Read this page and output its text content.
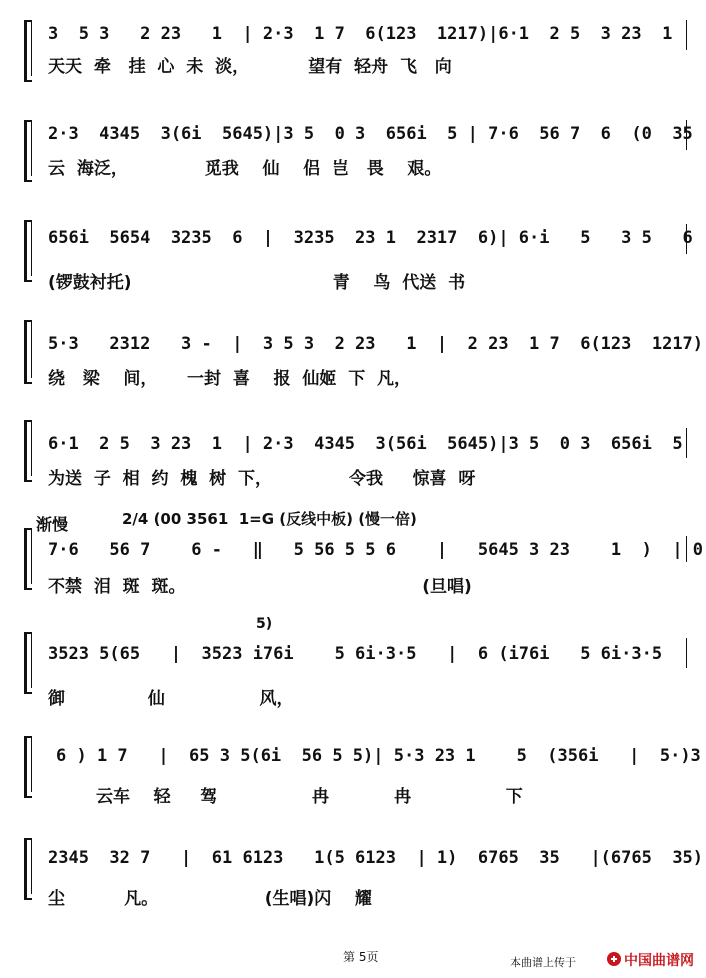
3  5 3   2 23   1  | 2·3  1 7  6(123  1217)|6·1  2 5  3 23  1
天天  牵   挂  心  未  淡，          望有  轻舟  飞   向
2·3  4345  3(6i  5645)|3 5  0 3  656i  5 | 7·6  56 7  6  (0  35
云  海泛，             觅我    仙    侣  岂   畏    艰。
656i  5654  3235  6  |  3235  23 1  2317  6)| 6·i   5   3 5   6
(锣鼓衬托)                                  青    鸟  代送  书
5·3   2312   3 -  |  3 5 3  2 23   1  |  2 23  1 7  6(123  1217)
绕   梁    间，     一封  喜    报  仙姬  下  凡，
6·1  2 5  3 23  1  | 2·3  4345  3(56i  5645)|3 5  0 3  656i  5
为送  子  相  约  槐  树  下，             令我     惊喜  呀
渐慢	2/4 (00 3561  1=G (反线中板) (慢一倍)
7·6   56 7    6 -   ‖   5 56 5 5 6    |   5645 3 23    1  )  | 0
不禁  泪  斑  斑。                                        (旦唱)
5)
3523 5(65   |  3523 i76i    5 6i·3·5   |  6 (i76i   5 6i·3·5
御              仙                风，
6 ) 1 7   |  65 3 5(6i  56 5 5)| 5·3 23 1    5  (356i   |  5·)3
云车    轻     驾                冉           冉                下
2345  32 7   |  61 6123   1(5 6123  | 1)  6765  35   |(6765  35)
尘          凡。                  (生唱)闪    耀
第 5页	本曲谱上传于	中国曲谱网
